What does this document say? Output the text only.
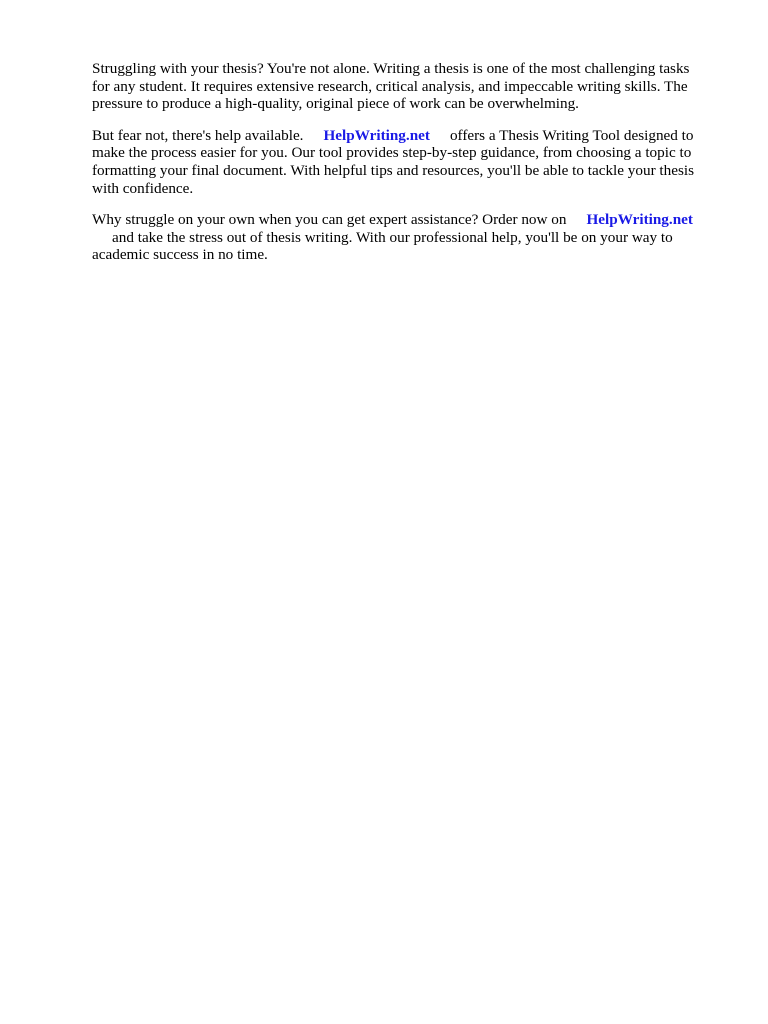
Struggling with your thesis? You're not alone. Writing a thesis is one of the most challenging tasks
for any student. It requires extensive research, critical analysis, and impeccable writing skills. The
pressure to produce a high-quality, original piece of work can be overwhelming.

But fear not, there's help available. HelpWriting.net offers a Thesis Writing Tool designed to
make the process easier for you. Our tool provides step-by-step guidance, from choosing a topic to
formatting your final document. With helpful tips and resources, you'll be able to tackle your thesis
with confidence.

Why struggle on your own when you can get expert assistance? Order now on HelpWriting.net
and take the stress out of thesis writing. With our professional help, you'll be on your way to
academic success in no time.
